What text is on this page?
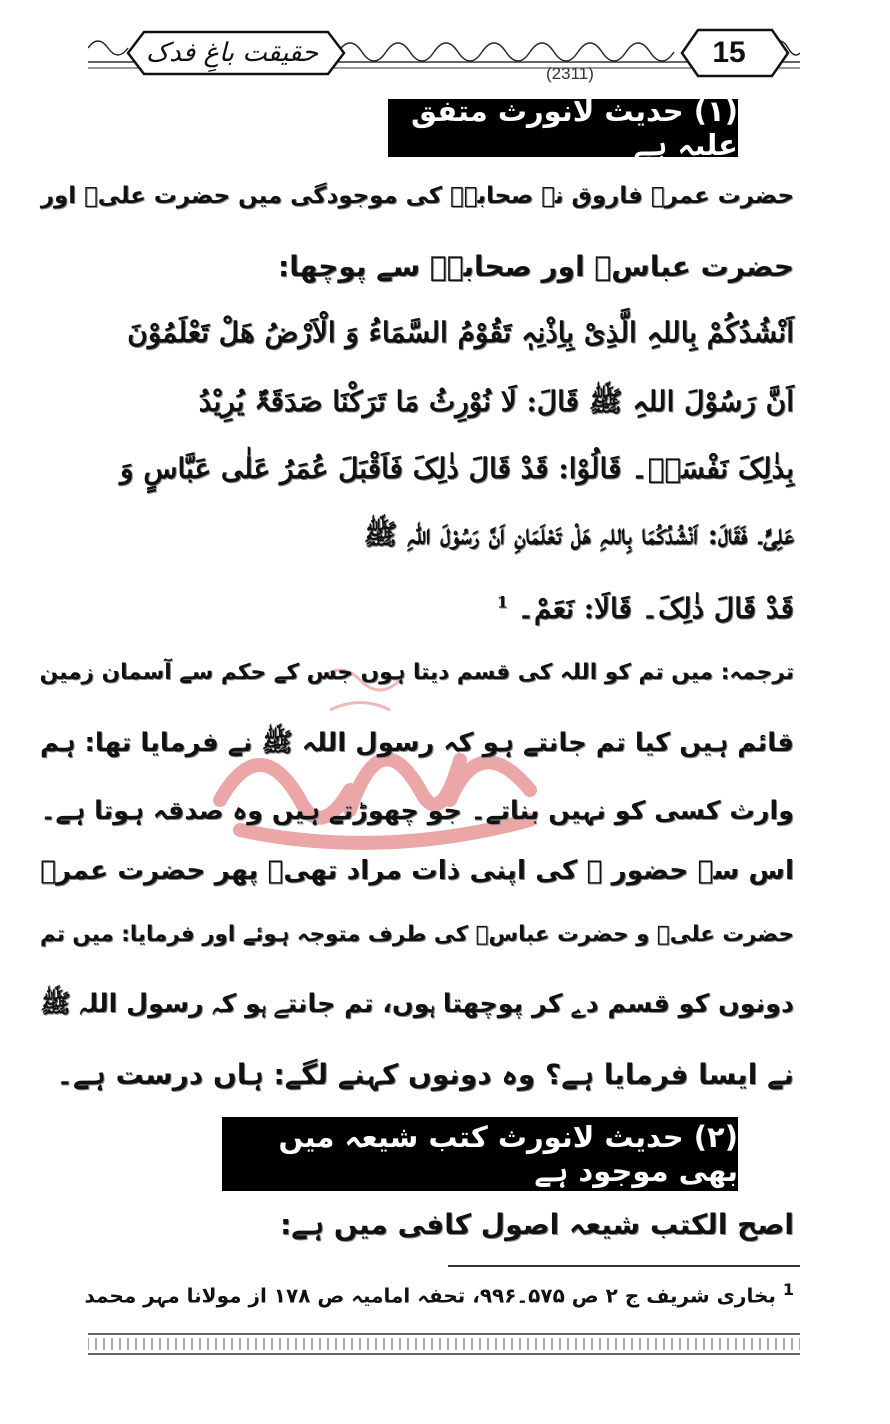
حقیقت باغِ فدک	15
(2311)
(۱) حدیث لانورث متفق علیہ ہے
حضرت عمرؓ فاروق نے صحابہؓ کی موجودگی میں حضرت علیؓ اور
حضرت عباسؓ اور صحابہؓ سے پوچھا:
اَنْشُدُکُمْ بِاللہِ الَّذِیْ بِاِذْنِہٖ تَقُوْمُ السَّمَاءُ وَ الْاَرْضُ ھَلْ تَعْلَمُوْنَ
اَنَّ رَسُوْلَ اللہِ ﷺ قَالَ: لَا نُوْرِثُ مَا تَرَکْنَا صَدَقَۃٌ یُرِیْدُ
بِذٰلِکَ نَفْسَہٗ۔ قَالُوْا: قَدْ قَالَ ذٰلِکَ فَاَقْبَلَ عُمَرُ عَلٰی عَبَّاسٍ وَ
عَلِیٍّ۔ فَقَالَ: اَنْشُدُکُمَا بِاللہِ ھَلْ تَعْلَمَانِ اَنَّ رَسُوْلَ اللہِ ﷺ
قَدْ قَالَ ذٰلِکَ۔ قَالَا: نَعَمْ۔ $^1$
ترجمہ: میں تم کو اللہ کی قسم دیتا ہوں جس کے حکم سے آسمان زمین
قائم ہیں کیا تم جانتے ہو کہ رسول اللہ ﷺ نے فرمایا تھا: ہم
وارث کسی کو نہیں بناتے۔ جو چھوڑتے ہیں وہ صدقہ ہوتا ہے۔
اس سے حضور ﷺ کی اپنی ذات مراد تھی۔ پھر حضرت عمرؓ
حضرت علیؓ و حضرت عباسؓ کی طرف متوجہ ہوئے اور فرمایا: میں تم
دونوں کو قسم دے کر پوچھتا ہوں، تم جانتے ہو کہ رسول اللہ ﷺ
نے ایسا فرمایا ہے؟ وہ دونوں کہنے لگے: ہاں درست ہے۔
(۲) حدیث لانورث کتب شیعہ میں بھی موجود ہے
اصح الکتب شیعہ اصول کافی میں ہے:
$^1$ بخاری شریف ج ۲ ص ۵۷۵۔۹۹۶، تحفہ امامیہ ص ۱۷۸ از مولانا مہر محمد
